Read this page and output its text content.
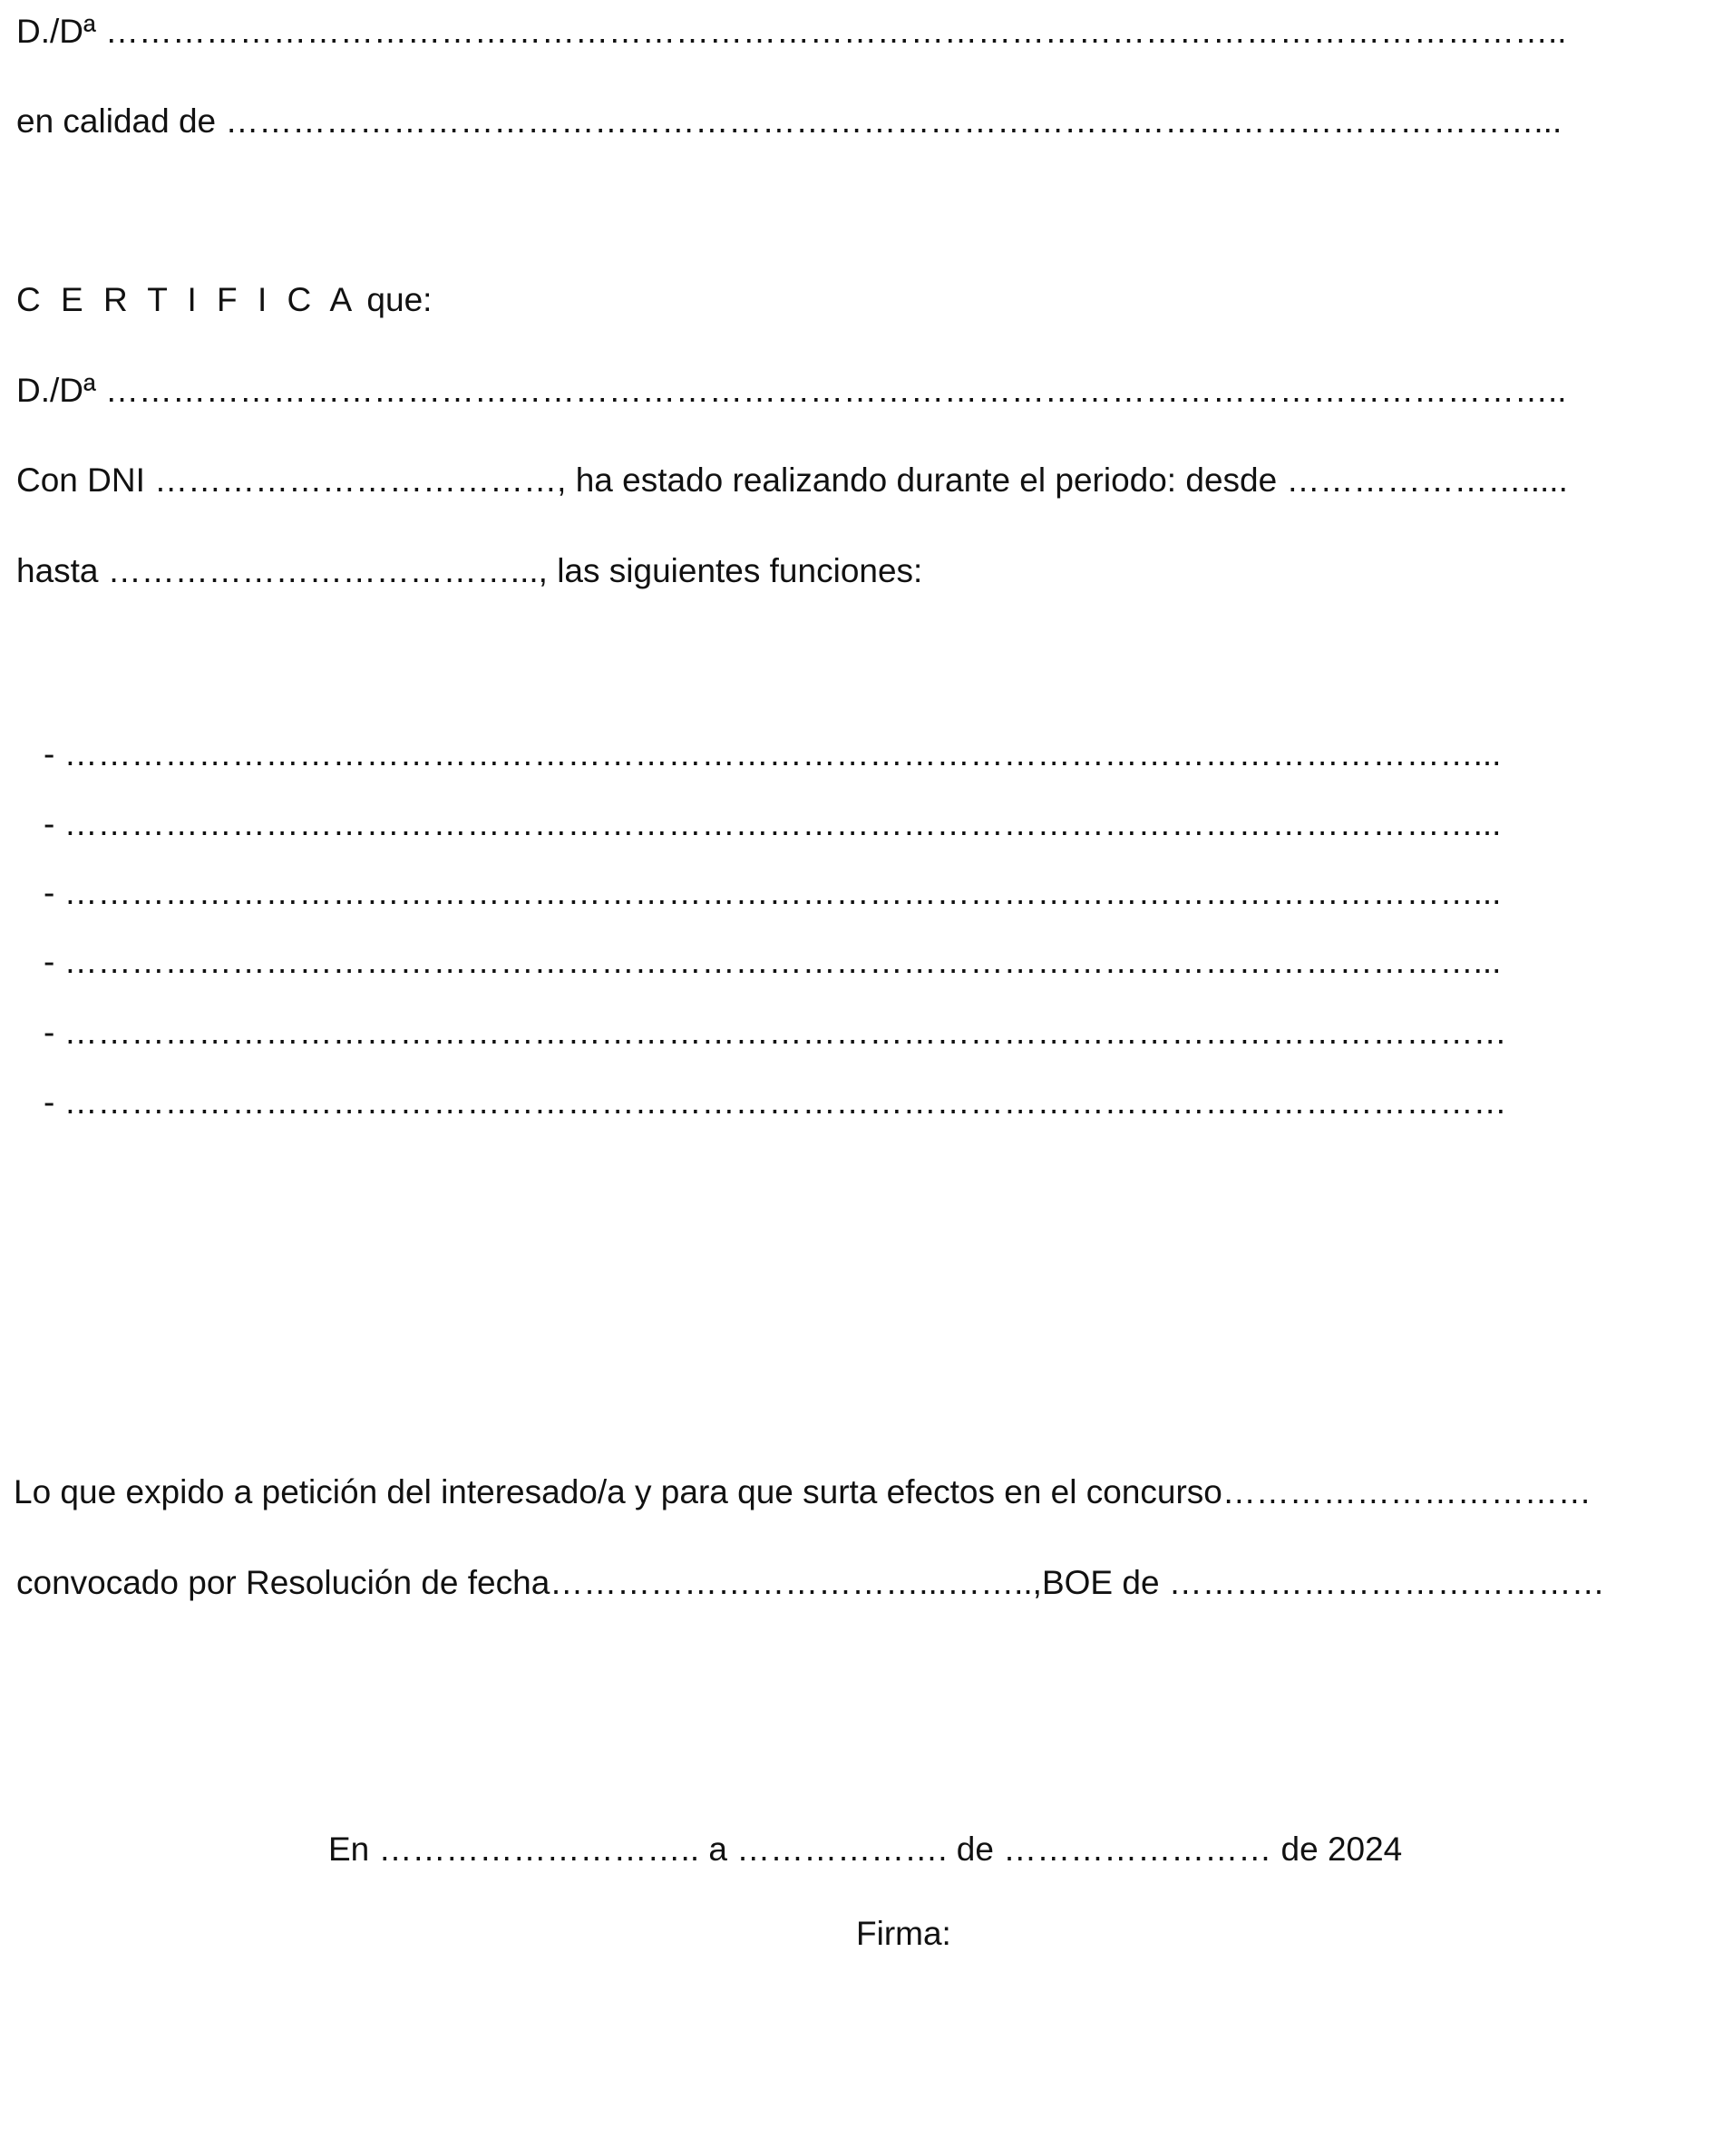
D./Dª …………………………………………………………………………………………………………………..
en calidad de ………………………………………………………………………………………………………...
C E R T I F I C A que:
D./Dª …………………………………………………………………………………………………………………..
Con DNI ………………………………, ha estado realizando durante el periodo: desde ………………….....
hasta ………………………………..., las siguientes funciones:
- ………………………………………………………………………………………………………………...
- ………………………………………………………………………………………………………………...
- ………………………………………………………………………………………………………………...
- ………………………………………………………………………………………………………………...
- …………………………………………………………………………………………………………………
- …………………………………………………………………………………………………………………
Lo que expido a petición del interesado/a y para que surta efectos en el concurso……………………………
convocado por Resolución de fecha……………………………...……..,BOE de …………………………………
En ……………………….. a ………………. de …………………… de 2024
Firma:
